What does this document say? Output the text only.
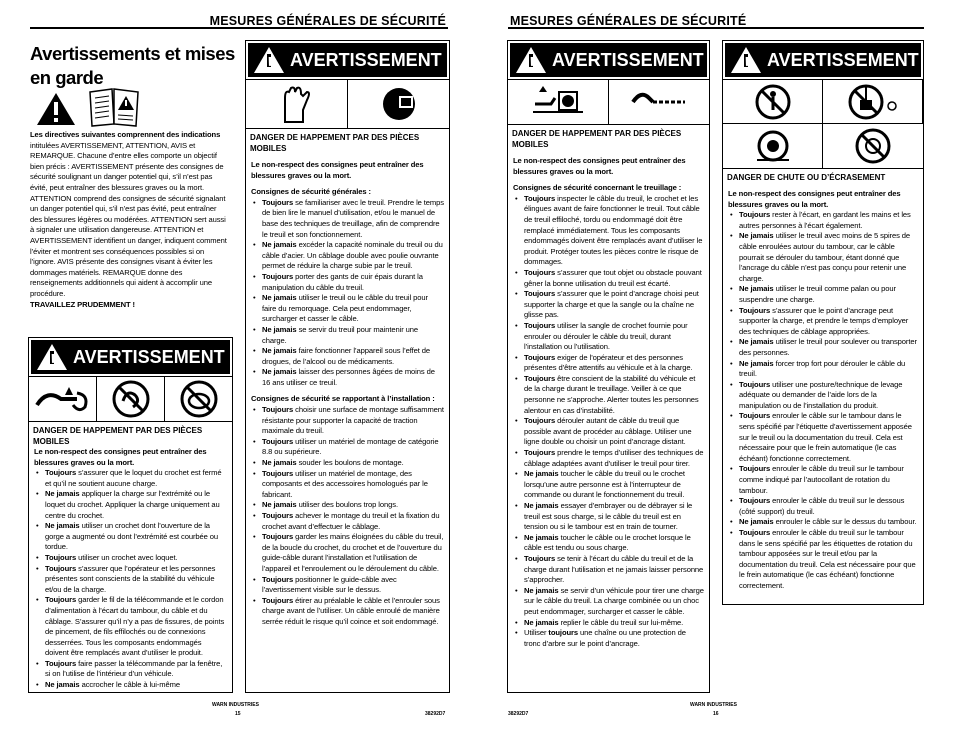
MESURES GÉNÉRALES DE SÉCURITÉ	MESURES GÉNÉRALES DE SÉCURITÉ
Avertissements et mises en garde

Les directives suivantes comprennent des indications

intitulées AVERTISSEMENT, ATTENTION, AVIS et REMARQUE. Chacune d’entre elles comporte un objectif bien précis : AVERTISSEMENT présente des consignes de sécurité soulignant un danger potentiel qui, s’il n’est pas évité, peut entraîner des blessures graves ou la mort. ATTENTION comprend des consignes de sécurité signalant un danger potentiel qui, s’il n’est pas évité, peut entraîner des blessures légères ou modérées. ATTENTION sert aussi à signaler une utilisation dangereuse. ATTENTION et AVERTISSEMENT identifient un danger, indiquent comment l’éviter et montrent ses conséquences possibles si on l’ignore. AVIS présente des consignes visant à éviter les dommages matériels. REMARQUE donne des renseignements additionnels qui aident à accomplir une procédure.

TRAVAILLEZ PRUDEMMENT !

! AVERTISSEMENT
DANGER DE HAPPEMENT PAR DES PIÈCES MOBILES

Le non-respect des consignes peut entraîner des blessures graves ou la mort.

• Toujours s’assurer que le loquet du crochet est fermé et qu’il ne soutient aucune charge.
• Ne jamais appliquer la charge sur l’extrémité ou le loquet du crochet. Appliquer la charge uniquement au centre du crochet.
• Ne jamais utiliser un crochet dont l’ouverture de la gorge a augmenté ou dont l’extrémité est courbée ou tordue.
• Toujours utiliser un crochet avec loquet.
• Toujours s’assurer que l’opérateur et les personnes présentes sont conscients de la stabilité du véhicule et/ou de la charge.
• Toujours garder le fil de la télécommande et le cordon d’alimentation à l’écart du tambour, du câble et du câblage. S’assurer qu’il n’y a pas de fissures, de points de pincement, de fils effilochés ou de connexions desserrées. Tous les composants endommagés doivent être remplacés avant d’utiliser le produit.
• Toujours faire passer la télécommande par la fenêtre, si on l’utilise de l’intérieur d’un véhicule.
• Ne jamais accrocher le câble à lui-même
! AVERTISSEMENT
DANGER DE HAPPEMENT PAR DES PIÈCES MOBILES

Le non-respect des consignes peut entraîner des blessures graves ou la mort.

Consignes de sécurité générales :

• Toujours se familiariser avec le treuil. Prendre le temps de bien lire le manuel d’utilisation, et/ou le manuel de base des techniques de treuillage, afin de comprendre le treuil et son fonctionnement.
• Ne jamais excéder la capacité nominale du treuil ou du câble d’acier. Un câblage double avec poulie ouvrante permet de réduire la charge subie par le treuil.
• Toujours porter des gants de cuir épais durant la manipulation du câble du treuil.
• Ne jamais utiliser le treuil ou le câble du treuil pour faire du remorquage. Cela peut endommager, surcharger et casser le câble.
• Ne jamais se servir du treuil pour maintenir une charge.
• Ne jamais faire fonctionner l’appareil sous l’effet de drogues, de l’alcool ou de médicaments.
• Ne jamais laisser des personnes âgées de moins de 16 ans utiliser ce treuil.

Consignes de sécurité se rapportant à l’installation :

• Toujours choisir une surface de montage suffisamment résistante pour supporter la capacité de traction maximale du treuil.
• Toujours utiliser un matériel de montage de catégorie 8.8 ou supérieure.
• Ne jamais souder les boulons de montage.
• Toujours utiliser un matériel de montage, des composants et des accessoires homologués par le fabricant.
• Ne jamais utiliser des boulons trop longs.
• Toujours achever le montage du treuil et la fixation du crochet avant d’effectuer le câblage.
• Toujours garder les mains éloignées du câble du treuil, de la boucle du crochet, du crochet et de l’ouverture du guide-câble durant l’installation et l’utilisation de l’appareil et l’enroulement ou le déroulement du câble.
• Toujours positionner le guide-câble avec l’avertissement visible sur le dessus.
• Toujours étirer au préalable le câble et l’enrouler sous charge avant de l’utiliser. Un câble enroulé de manière serrée réduit le risque qu’il coince et soit endommagé.
! AVERTISSEMENT
DANGER DE HAPPEMENT PAR DES PIÈCES MOBILES

Le non-respect des consignes peut entraîner des blessures graves ou la mort.

Consignes de sécurité concernant le treuillage :

• Toujours inspecter le câble du treuil, le crochet et les élingues avant de faire fonctionner le treuil. Tout câble de treuil effiloché, tordu ou endommagé doit être remplacé immédiatement. Tous les composants endommagés doivent être remplacés avant d’utiliser le produit. Protéger toutes les pièces contre le risque de dommages.
• Toujours s’assurer que tout objet ou obstacle pouvant gêner la bonne utilisation du treuil est écarté.
• Toujours s’assurer que le point d’ancrage choisi peut supporter la charge et que la sangle ou la chaîne ne glisse pas.
• Toujours utiliser la sangle de crochet fournie pour enrouler ou dérouler le câble du treuil, durant l’installation ou l’utilisation.
• Toujours exiger de l’opérateur et des personnes présentes d’être attentifs au véhicule et à la charge.
• Toujours être conscient de la stabilité du véhicule et de la charge durant le treuillage. Veiller à ce que personne ne s’approche. Alerter toutes les personnes alentour en cas d’instabilité.
• Toujours dérouler autant de câble du treuil que possible avant de procéder au câblage. Utiliser une ligne double ou choisir un point d’ancrage distant.
• Toujours prendre le temps d’utiliser des techniques de câblage adaptées avant d’utiliser le treuil pour tirer.
• Ne jamais toucher le câble du treuil ou le crochet lorsqu’une autre personne est à l’interrupteur de commande ou durant le fonctionnement du treuil.
• Ne jamais essayer d’embrayer ou de débrayer si le treuil est sous charge, si le câble du treuil est en tension ou si le tambour est en train de tourner.
• Ne jamais toucher le câble ou le crochet lorsque le câble est tendu ou sous charge.
• Toujours se tenir à l’écart du câble du treuil et de la charge durant l’utilisation et ne jamais laisser personne s’approcher.
• Ne jamais se servir d’un véhicule pour tirer une charge sur le câble du treuil. La charge combinée ou un choc peut endommager, surcharger et casser le câble.
• Ne jamais replier le câble du treuil sur lui-même.
• Utiliser toujours une chaîne ou une protection de tronc d’arbre sur le point d’ancrage.
! AVERTISSEMENT
DANGER DE CHUTE OU D’ÉCRASEMENT

Le non-respect des consignes peut entraîner des blessures graves ou la mort.

• Toujours rester à l’écart, en gardant les mains et les autres personnes à l’écart également.
• Ne jamais utiliser le treuil avec moins de 5 spires de câble enroulées autour du tambour, car le câble pourrait se dérouler du tambour, étant donné que l’ancrage du câble n’est pas conçu pour retenir une charge.
• Ne jamais utiliser le treuil comme palan ou pour suspendre une charge.
• Toujours s’assurer que le point d’ancrage peut supporter la charge, et prendre le temps d’employer des techniques de câblage appropriées.
• Ne jamais utiliser le treuil pour soulever ou transporter des personnes.
• Ne jamais forcer trop fort pour dérouler le câble du treuil.
• Toujours utiliser une posture/technique de levage adéquate ou demander de l’aide lors de la manipulation ou de l’installation du produit.
• Toujours enrouler le câble sur le tambour dans le sens spécifié par l’étiquette d’avertissement apposée sur le treuil ou la documentation du treuil. Cela est nécessaire pour que le frein automatique (le cas échéant) fonctionne correctement.
• Toujours enrouler le câble du treuil sur le tambour comme indiqué par l’autocollant de rotation du tambour.
• Toujours enrouler le câble du treuil sur le dessous (côté support) du treuil.
• Ne jamais enrouler le câble sur le dessus du tambour.
• Toujours enrouler le câble du treuil sur le tambour dans le sens spécifié par les étiquettes de rotation du tambour apposées sur le treuil et/ou par la documentation du treuil. Cela est nécessaire pour que le frein automatique (le cas échéant) fonctionne correctement.
WARN INDUSTRIES
15	38292D7
WARN INDUSTRIES
16
38292D7
